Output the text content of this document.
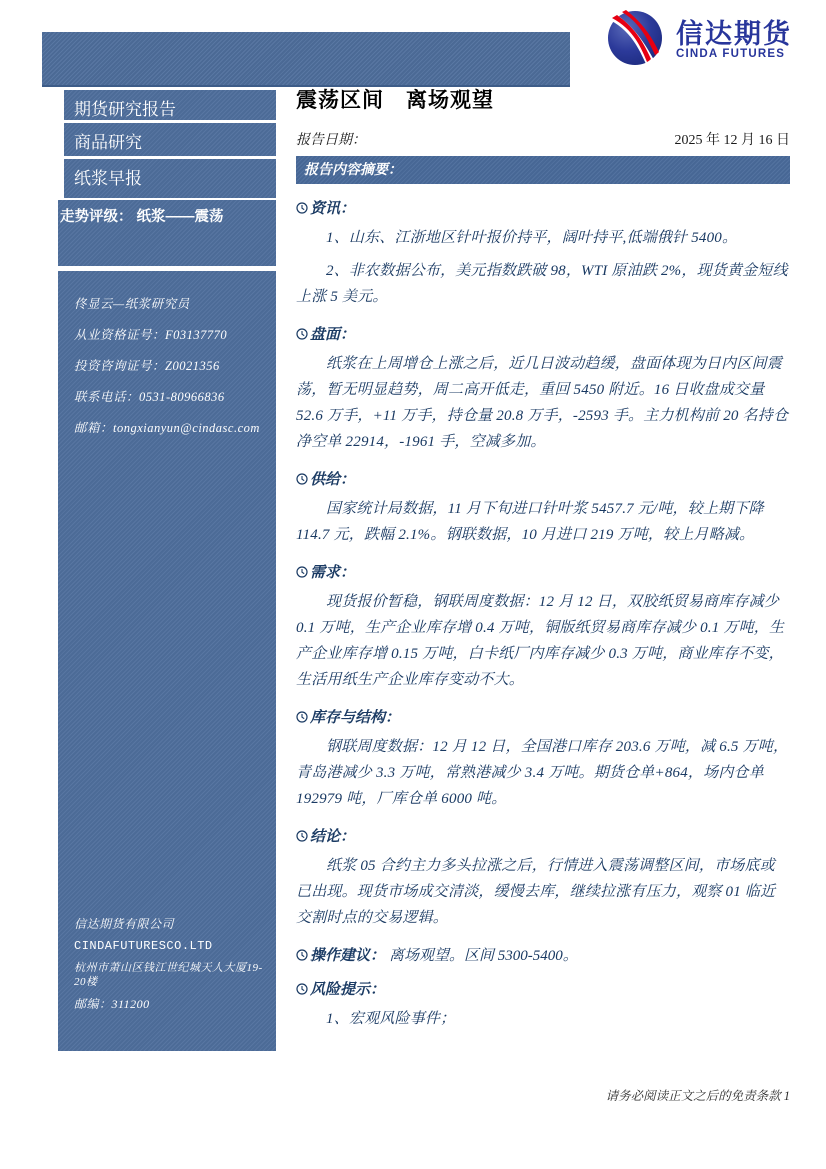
信达期货
CINDA FUTURES
期货研究报告
商品研究
纸浆早报
走势评级： 纸浆——震荡
佟显云—纸浆研究员
从业资格证号：F03137770
投资咨询证号：Z0021356
联系电话：0531-80966836
邮箱：tongxianyun@cindasc.com
信达期货有限公司
CINDAFUTURESCO.LTD
杭州市萧山区钱江世纪城天人大厦19-20楼
邮编：311200
震荡区间　离场观望
报告日期：	2025 年 12 月 16 日
报告内容摘要：
资讯：
1、山东、江浙地区针叶报价持平，阔叶持平,低端俄针 5400。
2、非农数据公布，美元指数跌破 98，WTI 原油跌 2%，现货黄金短线上涨 5 美元。
盘面：
纸浆在上周增仓上涨之后，近几日波动趋缓，盘面体现为日内区间震荡，暂无明显趋势，周二高开低走，重回 5450 附近。16 日收盘成交量 52.6 万手，+11 万手，持仓量 20.8 万手，-2593 手。主力机构前 20 名持仓净空单 22914，-1961 手，空减多加。
供给：
国家统计局数据，11 月下旬进口针叶浆 5457.7 元/吨，较上期下降 114.7 元，跌幅 2.1%。钢联数据，10 月进口 219 万吨，较上月略减。
需求：
现货报价暂稳，钢联周度数据：12 月 12 日，双胶纸贸易商库存减少 0.1 万吨，生产企业库存增 0.4 万吨，铜版纸贸易商库存减少 0.1 万吨，生产企业库存增 0.15 万吨，白卡纸厂内库存减少 0.3 万吨，商业库存不变，生活用纸生产企业库存变动不大。
库存与结构：
钢联周度数据：12 月 12 日，全国港口库存 203.6 万吨，减 6.5 万吨，青岛港减少 3.3 万吨，常熟港减少 3.4 万吨。期货仓单+864，场内仓单 192979 吨，厂库仓单 6000 吨。
结论：
纸浆 05 合约主力多头拉涨之后，行情进入震荡调整区间，市场底或已出现。现货市场成交清淡，缓慢去库，继续拉涨有压力，观察 01 临近交割时点的交易逻辑。
操作建议： 离场观望。区间 5300-5400。
风险提示：
1、宏观风险事件；
请务必阅读正文之后的免责条款 1
